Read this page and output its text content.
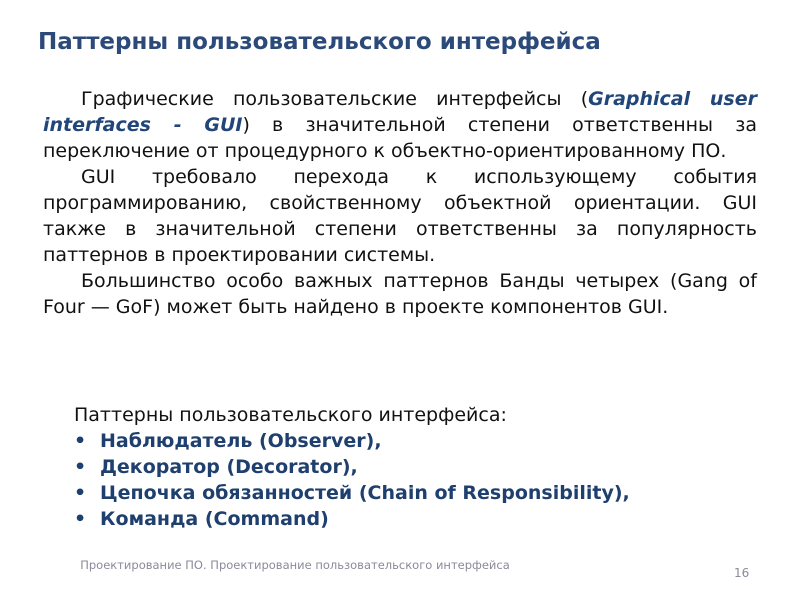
Паттерны пользовательского интерфейса

Графические пользовательские интерфейсы (Graphical user interfaces - GUI) в значительной степени ответственны за переключение от процедурного к объектно-ориентированному ПО.

GUI требовало перехода к использующему события программированию, свойственному объектной ориентации. GUI также в значительной степени ответственны за популярность паттернов в проектировании системы.

Большинство особо важных паттернов Банды четырех (Gang of Four — GoF) может быть найдено в проекте компонентов GUI.

Паттерны пользовательского интерфейса:
• Наблюдатель (Observer),
• Декоратор (Decorator),
• Цепочка обязанностей (Chain of Responsibility),
• Команда (Command)
Проектирование ПО. Проектирование пользовательского интерфейса
16
